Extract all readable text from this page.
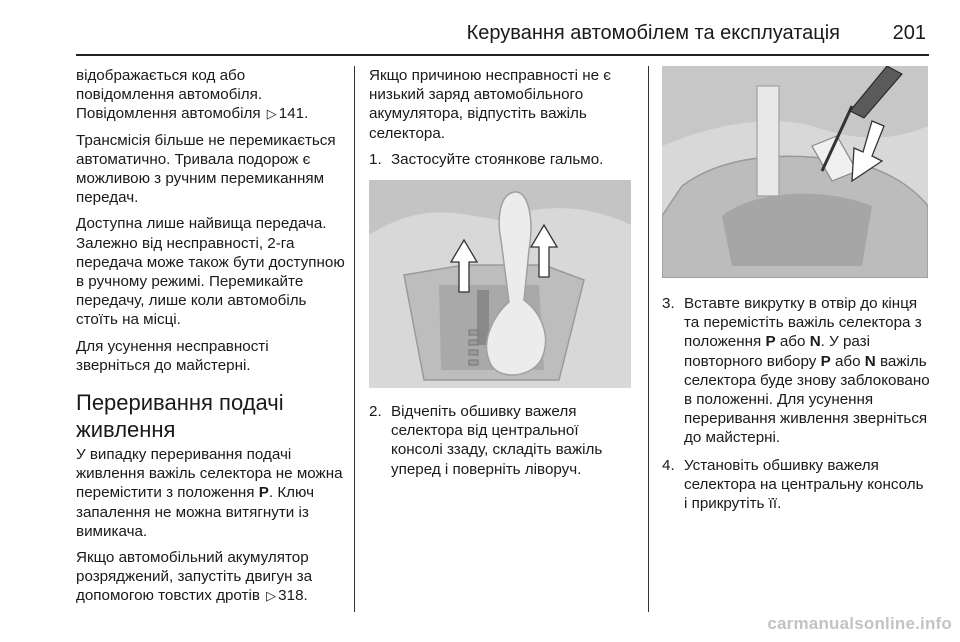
Керування автомобілем та експлуатація	201

відображається код або повідомлення автомобіля. Повідомлення автомобіля ▷ 141.

Трансмісія більше не перемикається автоматично. Тривала подорож є можливою з ручним перемиканням передач.

Доступна лише найвища передача. Залежно від несправності, 2-га передача може також бути доступною в ручному режимі. Перемикайте передачу, лише коли автомобіль стоїть на місці.

Для усунення несправності зверніться до майстерні.

Переривання подачі живлення

У випадку переривання подачі живлення важіль селектора не можна перемістити з положення P. Ключ запалення не можна витягнути із вимикача.

Якщо автомобільний акумулятор розряджений, запустіть двигун за допомогою товстих дротів ▷ 318.

Якщо причиною несправності не є низький заряд автомобільного акумулятора, відпустіть важіль селектора.

1. Застосуйте стоянкове гальмо.
2. Відчепіть обшивку важеля селектора від центральної консолі ззаду, складіть важіль уперед і поверніть ліворуч.
3. Вставте викрутку в отвір до кінця та перемістіть важіль селектора з положення P або N. У разі повторного вибору P або N важіль селектора буде знову заблоковано в положенні. Для усунення переривання живлення зверніться до майстерні.
4. Установіть обшивку важеля селектора на центральну консоль і прикрутіть її.
carmanualsonline.info
